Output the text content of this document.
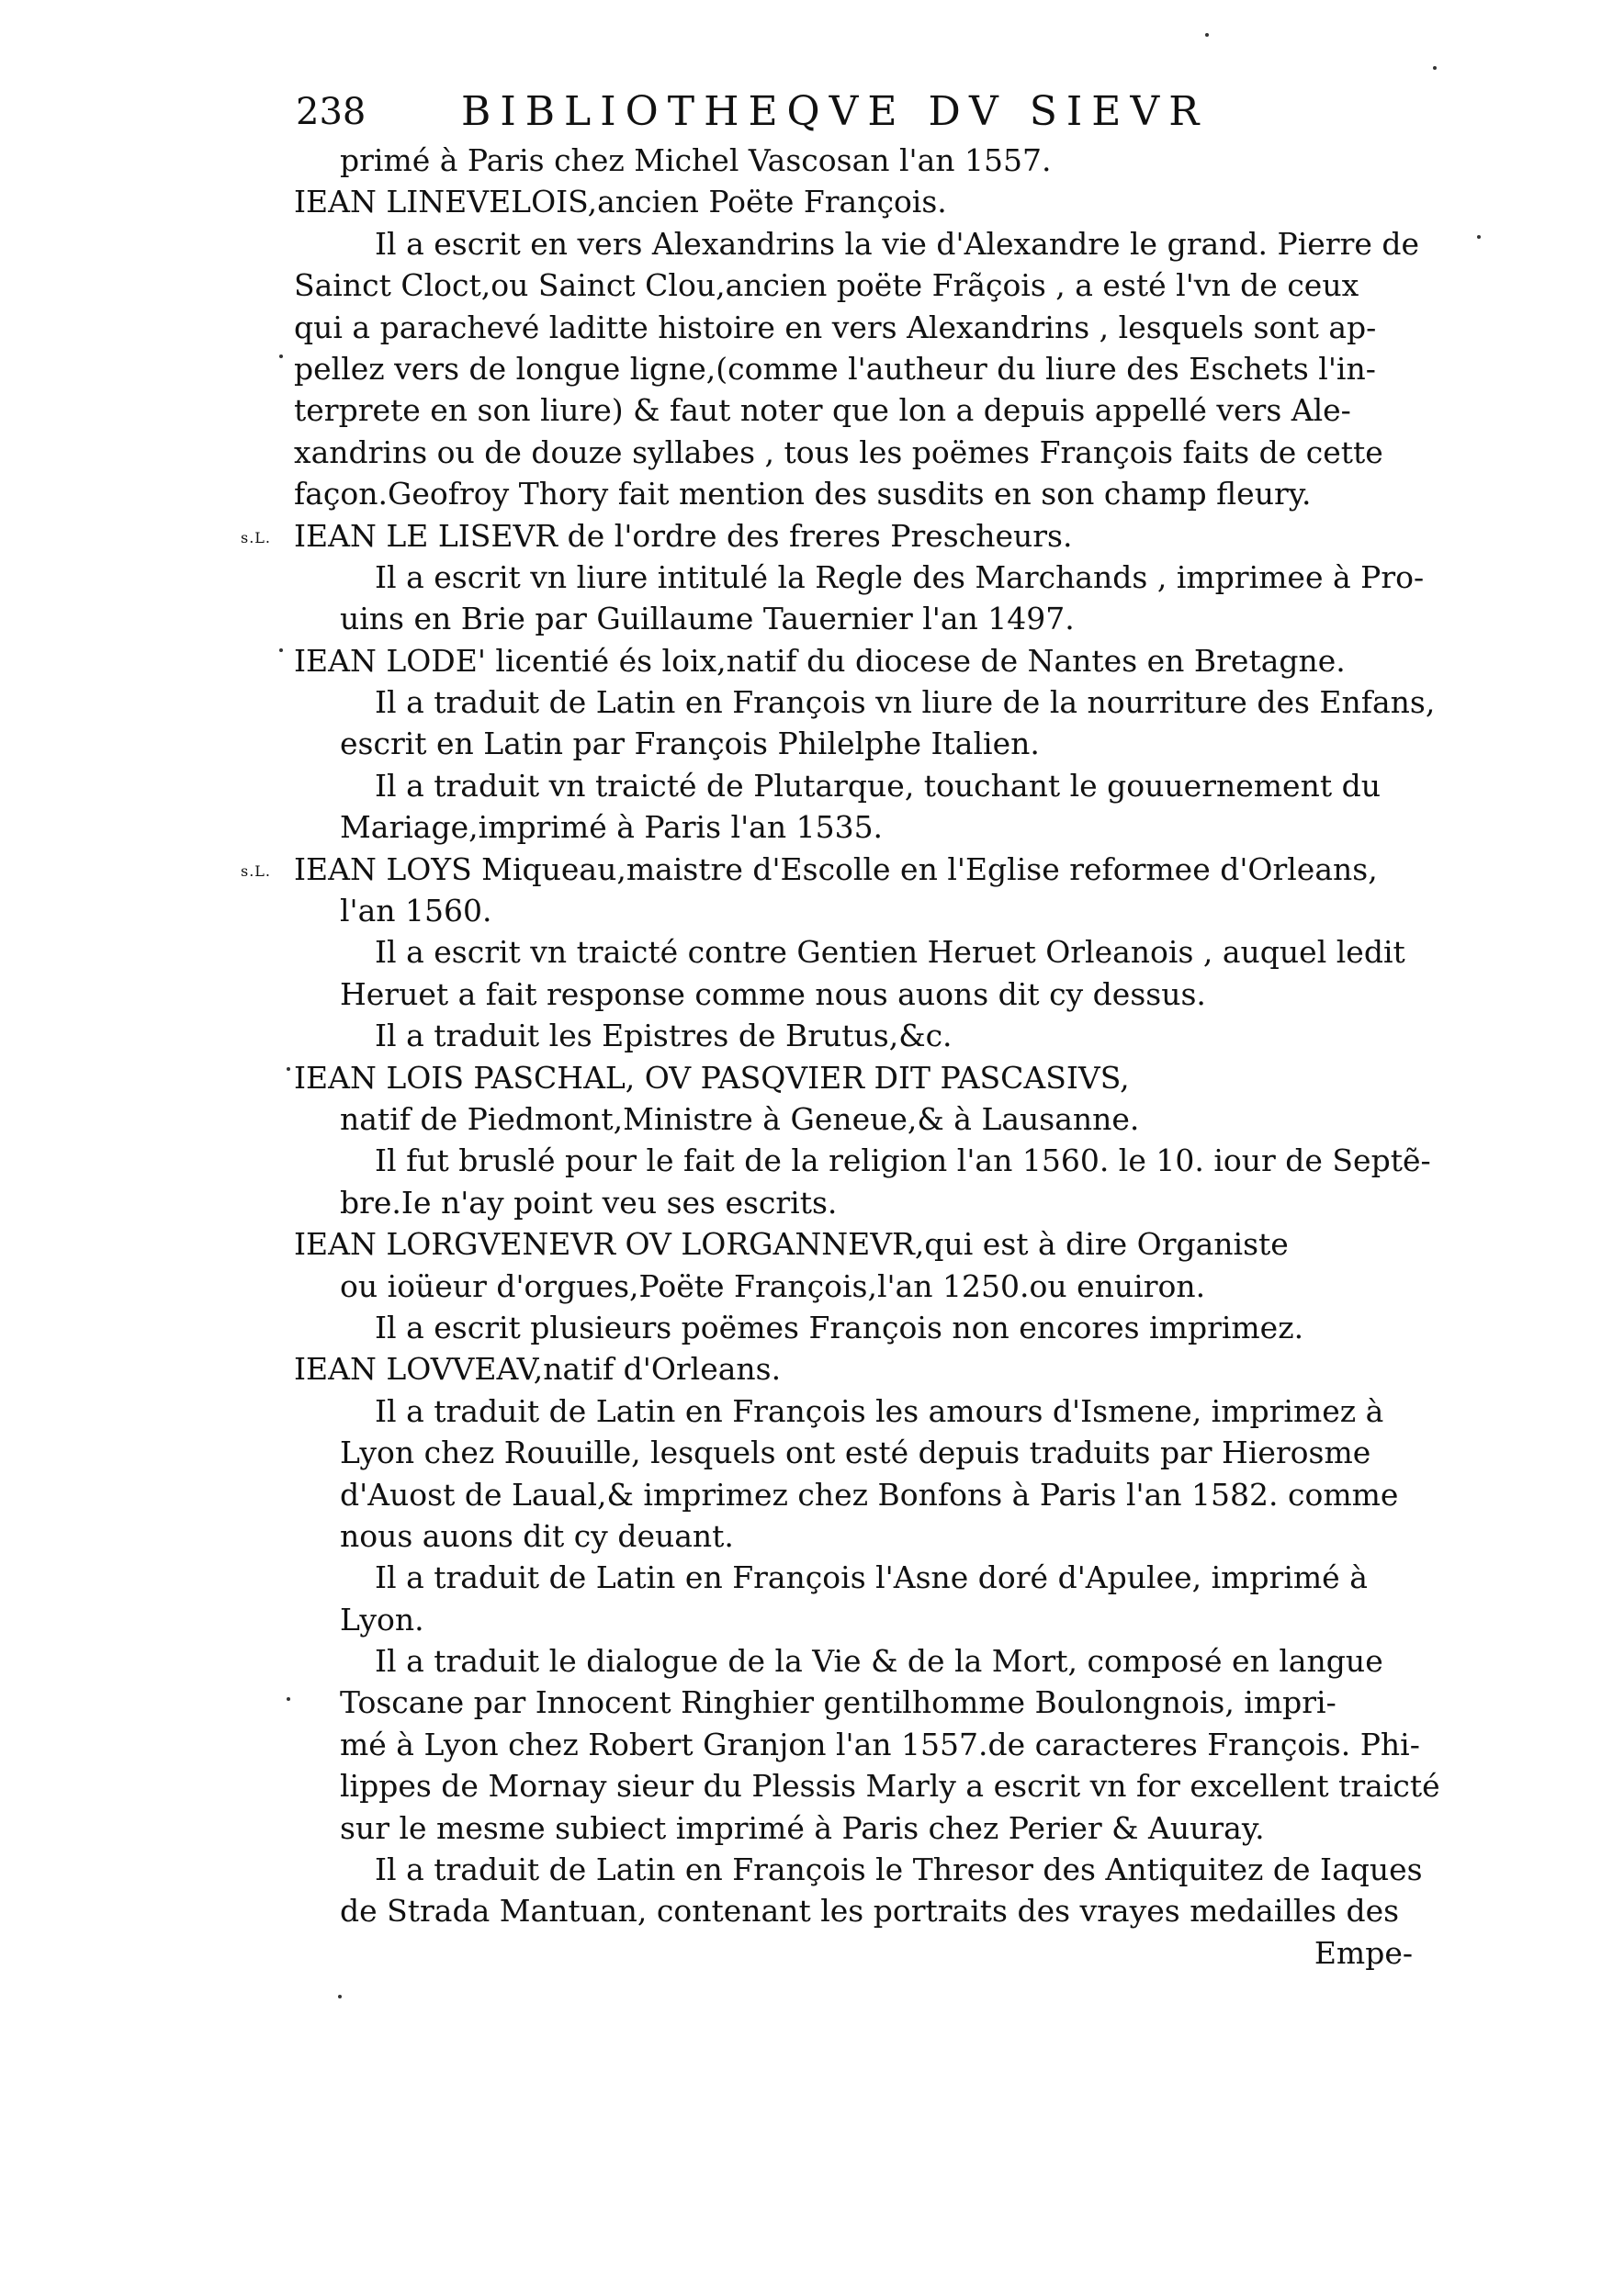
238 BIBLIOTHEQVE DV SIEVR
primé à Paris chez Michel Vascosan l'an 1557.
IEAN LINEVELOIS,ancien Poëte François.
Il a escrit en vers Alexandrins la vie d'Alexandre le grand. Pierre de
Sainct Cloct,ou Sainct Clou,ancien poëte Frãçois , a esté l'vn de ceux
qui a parachevé laditte histoire en vers Alexandrins , lesquels sont ap-
pellez vers de longue ligne,(comme l'autheur du liure des Eschets l'in-
terprete en son liure) & faut noter que lon a depuis appellé vers Ale-
xandrins ou de douze syllabes , tous les poëmes François faits de cette
façon.Geofroy Thory fait mention des susdits en son champ fleury.
s.L. IEAN LE LISEVR de l'ordre des freres Prescheurs.
Il a escrit vn liure intitulé la Regle des Marchands , imprimee à Pro-
uins en Brie par Guillaume Tauernier l'an 1497.
IEAN LODE' licentié és loix,natif du diocese de Nantes en Bretagne.
Il a traduit de Latin en François vn liure de la nourriture des Enfans,
escrit en Latin par François Philelphe Italien.
Il a traduit vn traicté de Plutarque, touchant le gouuernement du
Mariage,imprimé à Paris l'an 1535.
s.L. IEAN LOYS Miqueau,maistre d'Escolle en l'Eglise reformee d'Orleans,
l'an 1560.
Il a escrit vn traicté contre Gentien Heruet Orleanois , auquel ledit
Heruet a fait response comme nous auons dit cy dessus.
Il a traduit les Epistres de Brutus,&c.
IEAN LOIS PASCHAL, OV PASQVIER DIT PASCASIVS,
natif de Piedmont,Ministre à Geneue,& à Lausanne.
Il fut bruslé pour le fait de la religion l'an 1560. le 10. iour de Septẽ-
bre.Ie n'ay point veu ses escrits.
IEAN LORGVENEVR OV LORGANNEVR,qui est à dire Organiste
ou ioüeur d'orgues,Poëte François,l'an 1250.ou enuiron.
Il a escrit plusieurs poëmes François non encores imprimez.
IEAN LOVVEAV,natif d'Orleans.
Il a traduit de Latin en François les amours d'Ismene, imprimez à
Lyon chez Rouuille, lesquels ont esté depuis traduits par Hierosme
d'Auost de Laual,& imprimez chez Bonfons à Paris l'an 1582. comme
nous auons dit cy deuant.
Il a traduit de Latin en François l'Asne doré d'Apulee, imprimé à
Lyon.
Il a traduit le dialogue de la Vie & de la Mort, composé en langue
Toscane par Innocent Ringhier gentilhomme Boulongnois, impri-
mé à Lyon chez Robert Granjon l'an 1557.de caracteres François. Phi-
lippes de Mornay sieur du Plessis Marly a escrit vn for excellent traicté
sur le mesme subiect imprimé à Paris chez Perier & Auuray.
Il a traduit de Latin en François le Thresor des Antiquitez de Iaques
de Strada Mantuan, contenant les portraits des vrayes medailles des
Empe-
